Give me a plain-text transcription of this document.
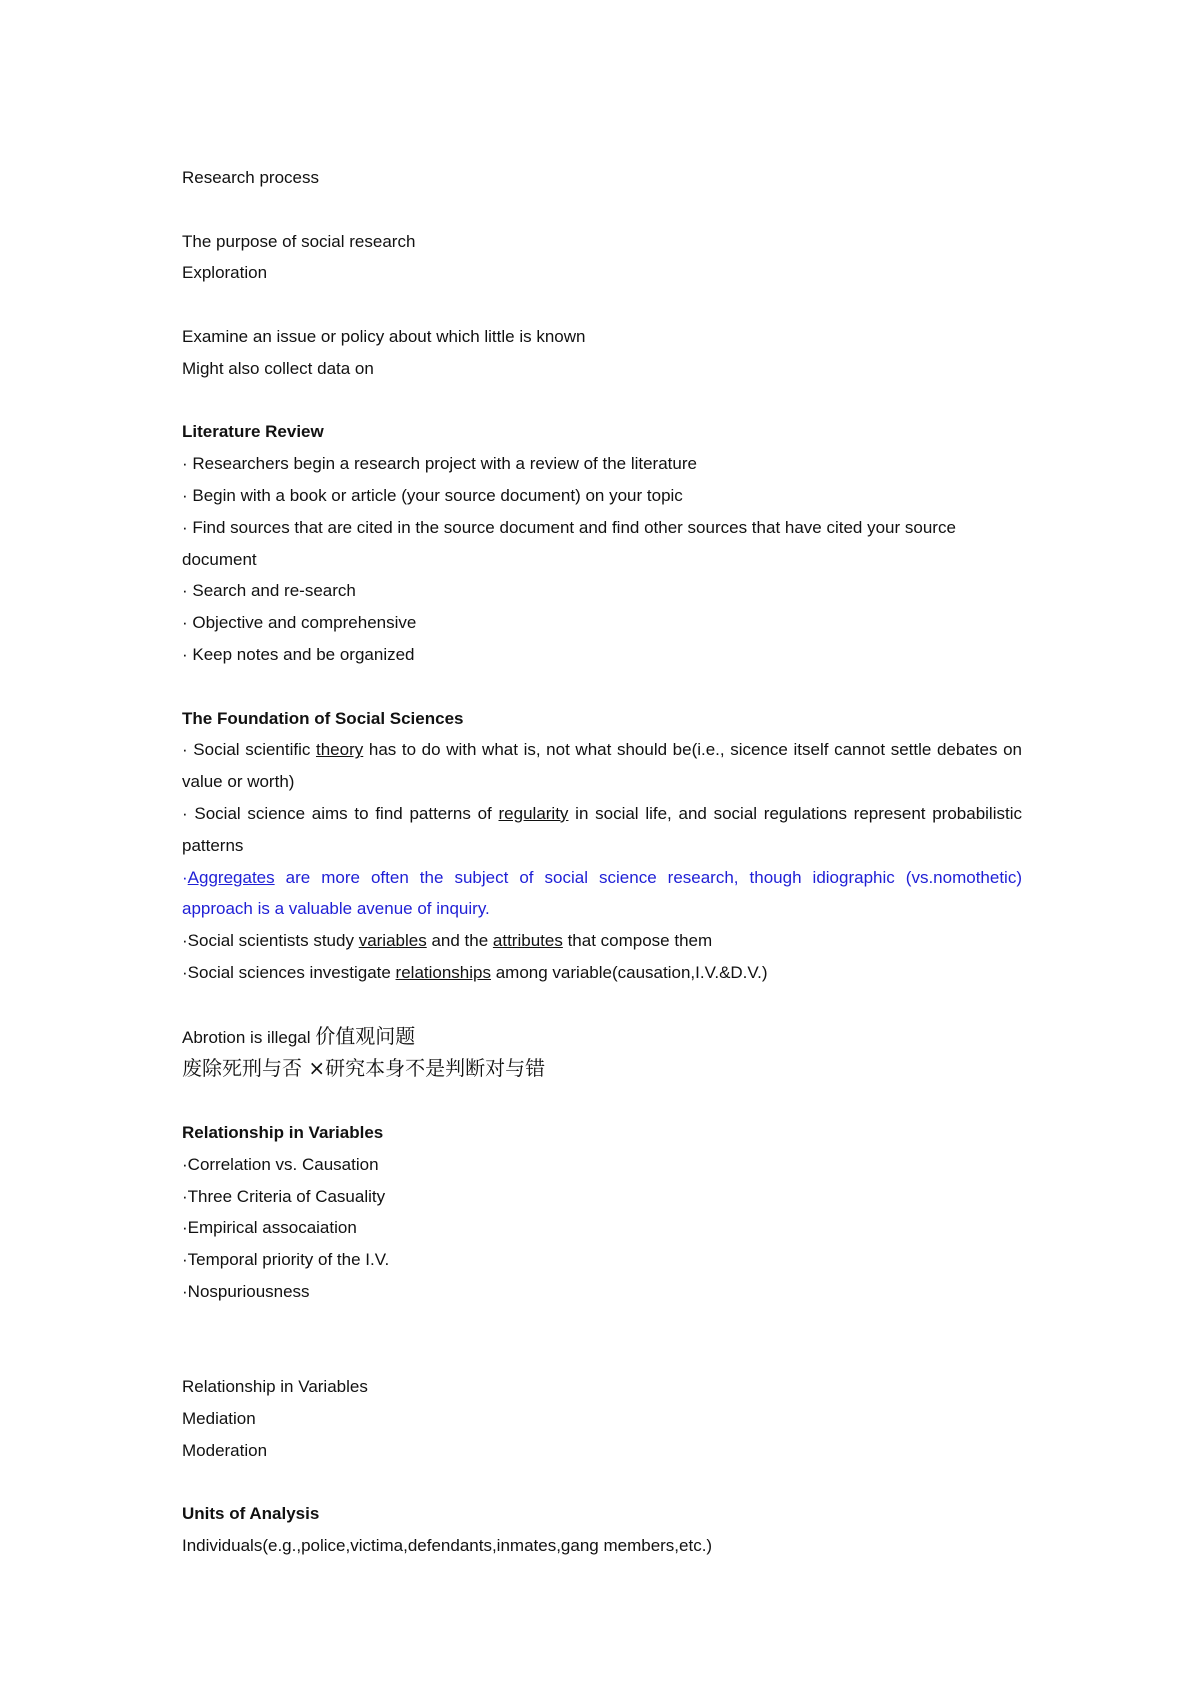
Research process

The purpose of social research

Exploration

Examine an issue or policy about which little is known

Might also collect data on

Literature Review

· Researchers begin a research project with a review of the literature

· Begin with a book or article (your source document) on your topic

· Find sources that are cited in the source document and find other sources that have cited your source document

· Search and re-search

· Objective and comprehensive

· Keep notes and be organized

The Foundation of Social Sciences

· Social scientific theory has to do with what is, not what should be(i.e., sicence itself cannot settle debates on value or worth)

· Social science aims to find patterns of regularity in social life, and social regulations represent probabilistic patterns

·Aggregates are more often the subject of social science research, though idiographic (vs.nomothetic) approach is a valuable avenue of inquiry.

·Social scientists study variables and the attributes that compose them

·Social sciences investigate relationships among variable(causation,I.V.&D.V.)

Abrotion is illegal 价值观问题

废除死刑与否 ×研究本身不是判断对与错

Relationship in Variables

·Correlation vs. Causation

·Three Criteria of Casuality

·Empirical assocaiation

·Temporal priority of the I.V.

·Nospuriousness

Relationship in Variables

Mediation

Moderation

Units of Analysis

Individuals(e.g.,police,victima,defendants,inmates,gang members,etc.)
